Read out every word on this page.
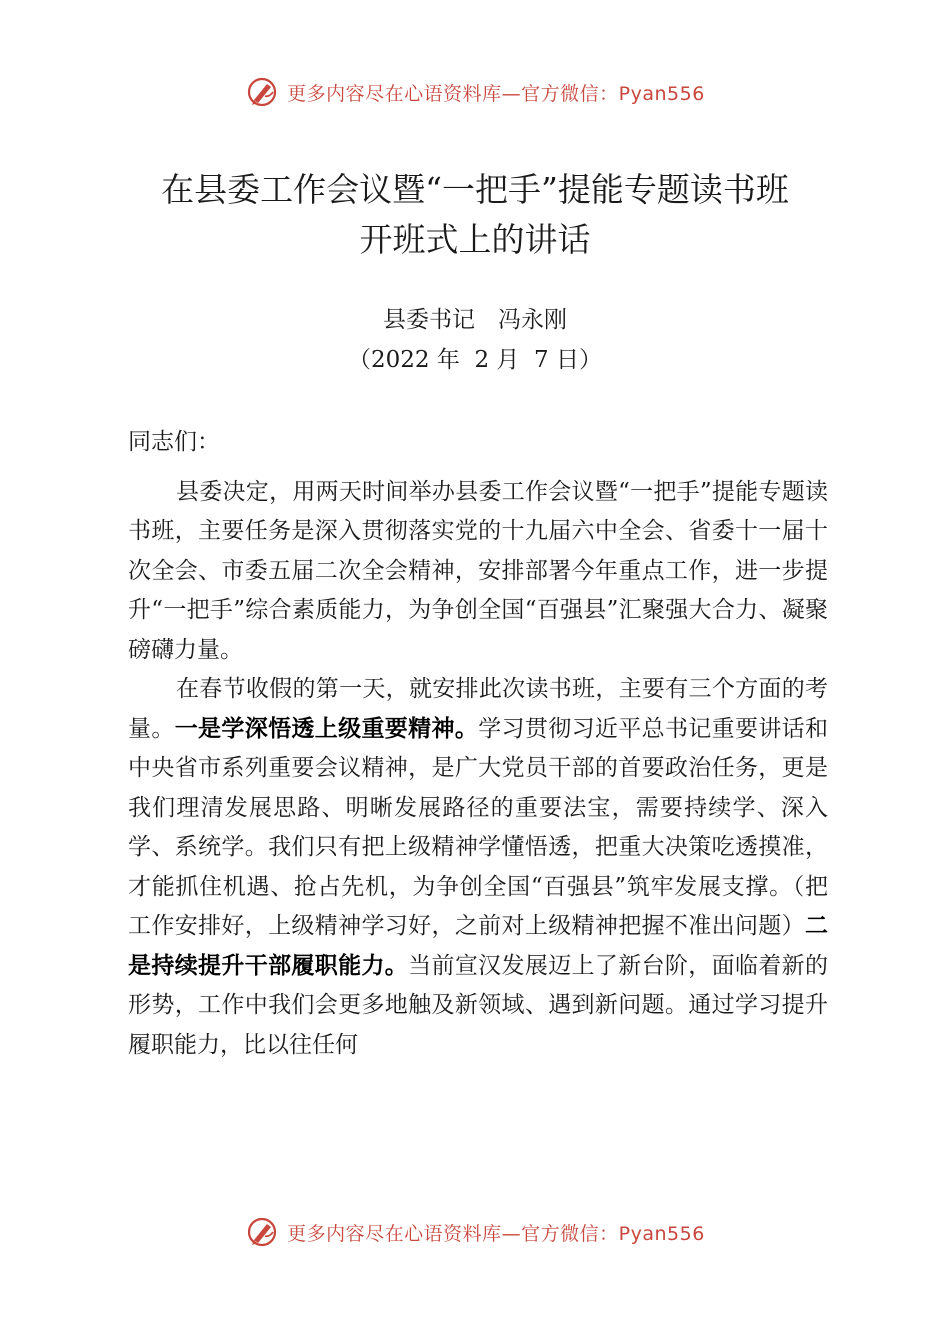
更多内容尽在心语资料库—官方微信：Pyan556
在县委工作会议暨“一把手”提能专题读书班
开班式上的讲话
县委书记　冯永刚
（2022 年  2 月  7 日）

同志们：

县委决定，用两天时间举办县委工作会议暨“一把手”提能专题读书班，主要任务是深入贯彻落实党的十九届六中全会、省委十一届十次全会、市委五届二次全会精神，安排部署今年重点工作，进一步提升“一把手”综合素质能力，为争创全国“百强县”汇聚强大合力、凝聚磅礴力量。

在春节收假的第一天，就安排此次读书班，主要有三个方面的考量。一是学深悟透上级重要精神。学习贯彻习近平总书记重要讲话和中央省市系列重要会议精神，是广大党员干部的首要政治任务，更是我们理清发展思路、明晰发展路径的重要法宝，需要持续学、深入学、系统学。我们只有把上级精神学懂悟透，把重大决策吃透摸准，才能抓住机遇、抢占先机，为争创全国“百强县”筑牢发展支撑。（把工作安排好，上级精神学习好，之前对上级精神把握不准出问题）二是持续提升干部履职能力。当前宣汉发展迈上了新台阶，面临着新的形势，工作中我们会更多地触及新领域、遇到新问题。通过学习提升履职能力，比以往任何

更多内容尽在心语资料库—官方微信：Pyan556
